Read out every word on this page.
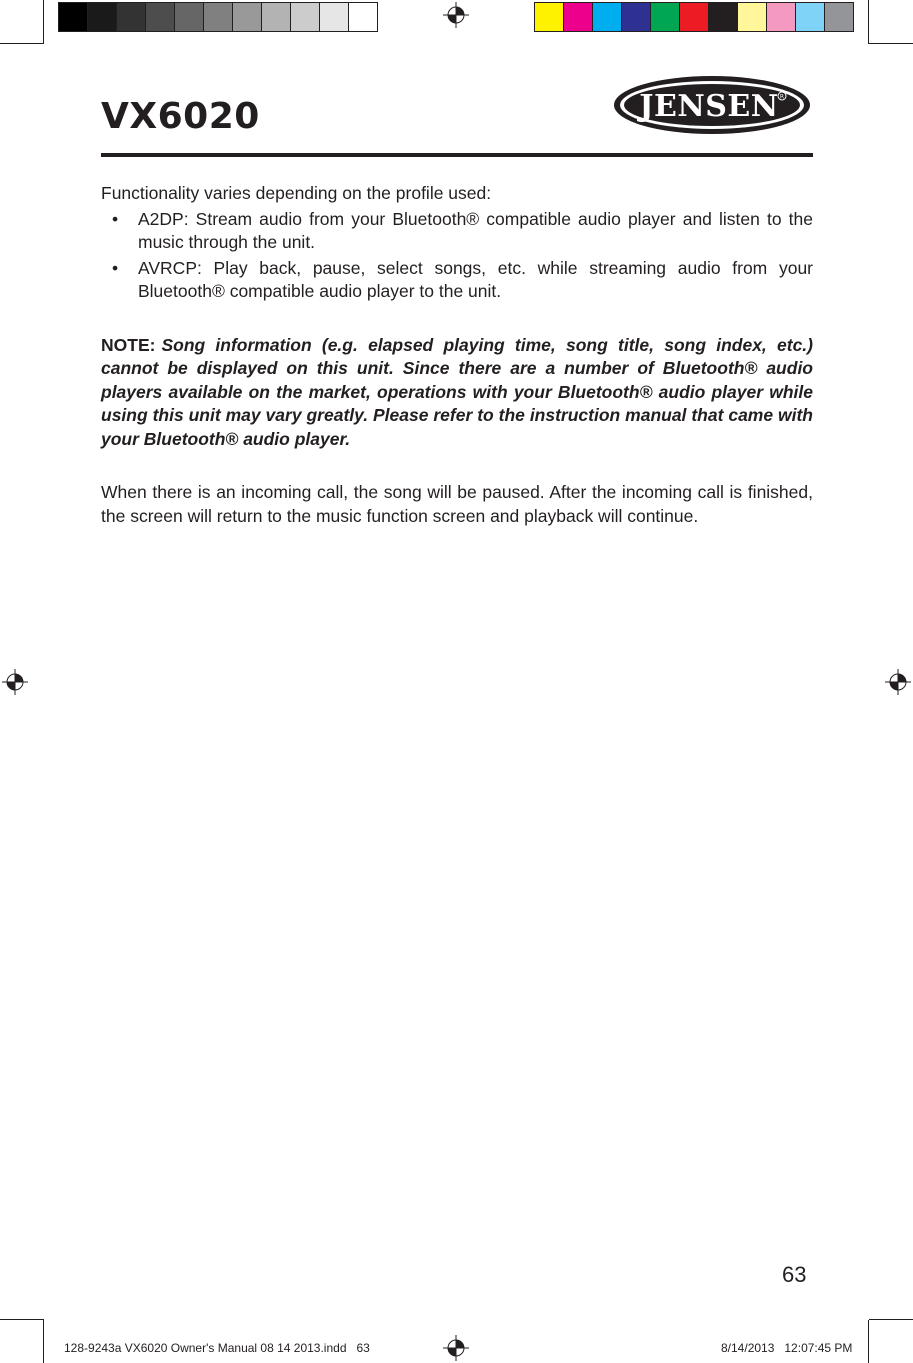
VX6020	JENSEN R

Functionality varies depending on the profile used:

• A2DP: Stream audio from your Bluetooth® compatible audio player and listen to the music through the unit.
• AVRCP: Play back, pause, select songs, etc. while streaming audio from your Bluetooth® compatible audio player to the unit.

NOTE: Song information (e.g. elapsed playing time, song title, song index, etc.) cannot be displayed on this unit. Since there are a number of Bluetooth® audio players available on the market, operations with your Bluetooth® audio player while using this unit may vary greatly. Please refer to the instruction manual that came with your Bluetooth® audio player.

When there is an incoming call, the song will be paused. After the incoming call is finished, the screen will return to the music function screen and playback will continue.

63
128-9243a VX6020 Owner's Manual 08 14 2013.indd   63	8/14/2013   12:07:45 PM
